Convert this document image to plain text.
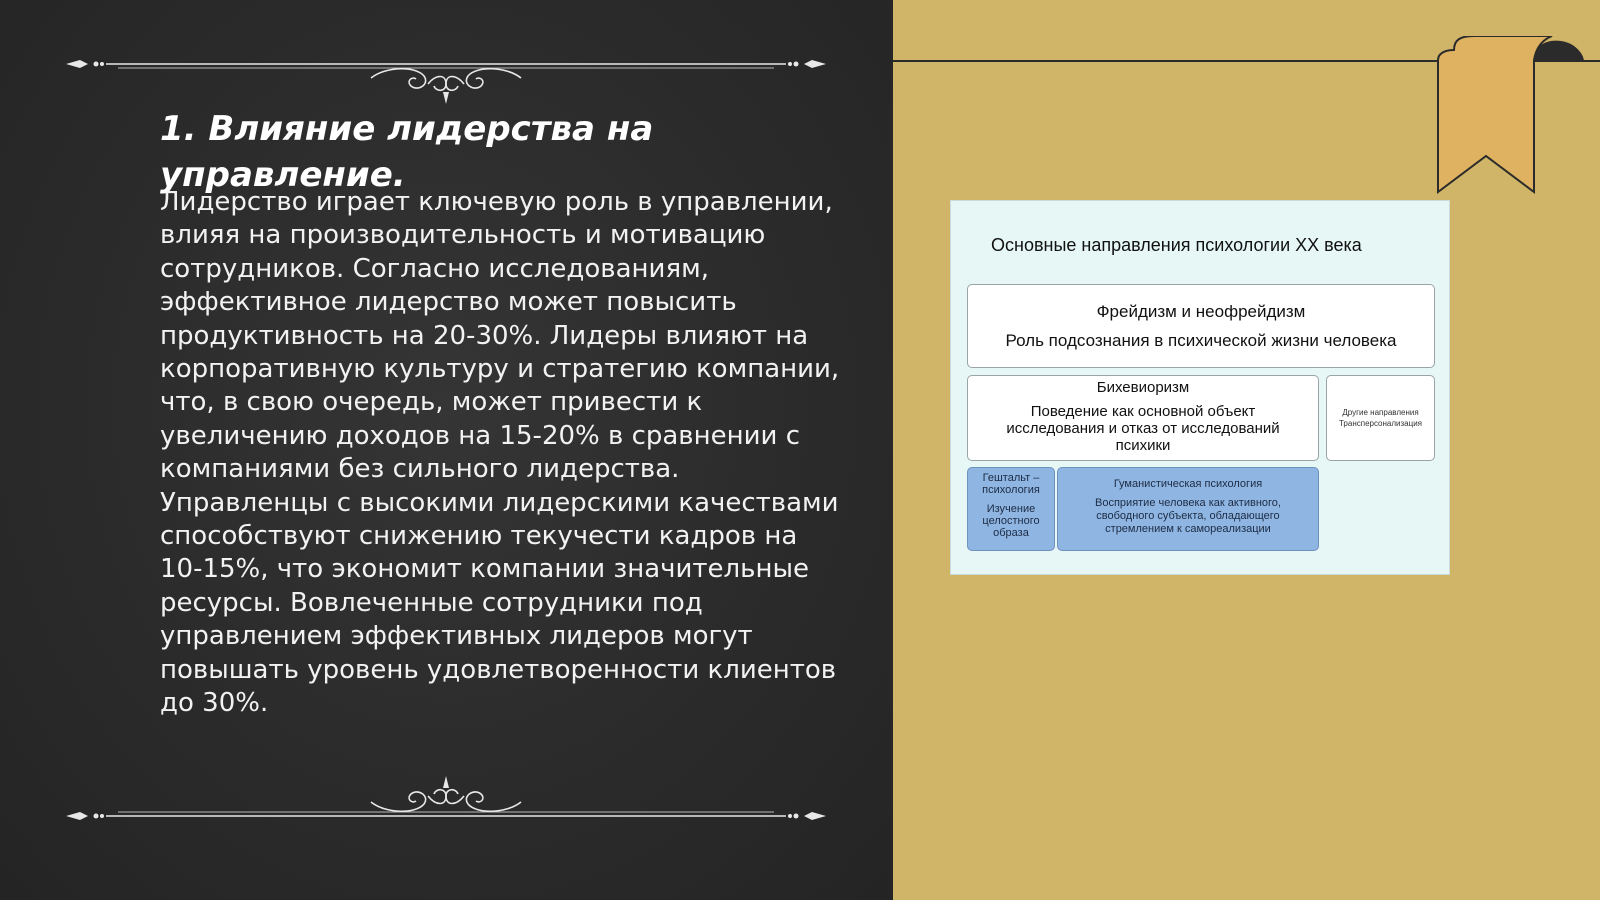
1. Влияние лидерства на управление.
Лидерство играет ключевую роль в управлении, влияя на производительность и мотивацию сотрудников. Согласно исследованиям, эффективное лидерство может повысить продуктивность на 20-30%. Лидеры влияют на корпоративную культуру и стратегию компании, что, в свою очередь, может привести к увеличению доходов на 15-20% в сравнении с компаниями без сильного лидерства. Управленцы с высокими лидерскими качествами способствуют снижению текучести кадров на 10-15%, что экономит компании значительные ресурсы. Вовлеченные сотрудники под управлением эффективных лидеров могут повышать уровень удовлетворенности клиентов до 30%.
Основные направления психологии XX века
Фрейдизм и неофрейдизм
Роль подсознания в психической жизни человека
Бихевиоризм
Поведение как основной объект исследования и отказ от исследований психики
Другие направления
Трансперсонализация
Гештальт – психология
Изучение целостного образа
Гуманистическая психология
Восприятие человека как активного, свободного субъекта, обладающего стремлением к самореализации
